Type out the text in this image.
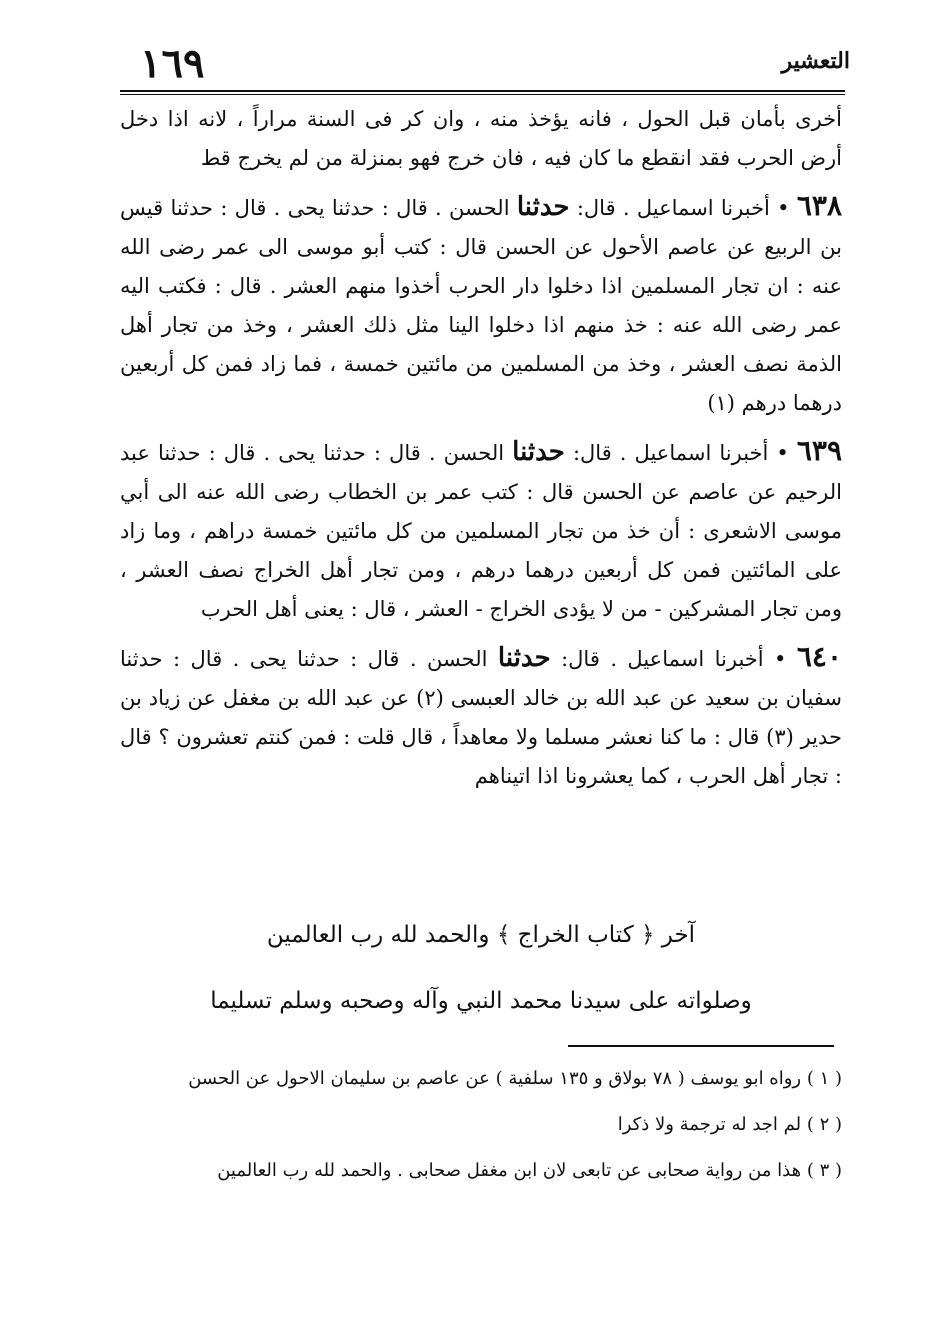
١٦٩	التعشير

أخرى بأمان قبل الحول ، فانه يؤخذ منه ، وان كر فى السنة مراراً ، لانه اذا دخل أرض الحرب فقد انقطع ما كان فيه ، فان خرج فهو بمنزلة من لم يخرج قط

٦٣٨ • أخبرنا اسماعيل . قال: حدثنا الحسن . قال : حدثنا يحى . قال : حدثنا قيس بن الربيع عن عاصم الأحول عن الحسن قال : كتب أبو موسى الى عمر رضى الله عنه : ان تجار المسلمين اذا دخلوا دار الحرب أخذوا منهم العشر . قال : فكتب اليه عمر رضى الله عنه : خذ منهم اذا دخلوا الينا مثل ذلك العشر ، وخذ من تجار أهل الذمة نصف العشر ، وخذ من المسلمين من مائتين خمسة ، فما زاد فمن كل أربعين درهما درهم (١)

٦٣٩ • أخبرنا اسماعيل . قال: حدثنا الحسن . قال : حدثنا يحى . قال : حدثنا عبد الرحيم عن عاصم عن الحسن قال : كتب عمر بن الخطاب رضى الله عنه الى أبي موسى الاشعرى : أن خذ من تجار المسلمين من كل مائتين خمسة دراهم ، وما زاد على المائتين فمن كل أربعين درهما درهم ، ومن تجار أهل الخراج نصف العشر ، ومن تجار المشركين - من لا يؤدى الخراج - العشر ، قال : يعنى أهل الحرب

٦٤٠ • أخبرنا اسماعيل . قال: حدثنا الحسن . قال : حدثنا يحى . قال : حدثنا سفيان بن سعيد عن عبد الله بن خالد العبسى (٢) عن عبد الله بن مغفل عن زياد بن حدير (٣) قال : ما كنا نعشر مسلما ولا معاهداً ، قال قلت : فمن كنتم تعشرون ؟ قال : تجار أهل الحرب ، كما يعشرونا اذا اتيناهم

آخر ﴿ كتاب الخراج ﴾ والحمد لله رب العالمين
وصلواته على سيدنا محمد النبي وآله وصحبه وسلم تسليما

( ١ ) رواه ابو يوسف ( ٧٨ بولاق و ١٣٥ سلفية ) عن عاصم بن سليمان الاحول عن الحسن

( ٢ ) لم اجد له ترجمة ولا ذكرا

( ٣ ) هذا من رواية صحابى عن تابعى لان ابن مغفل صحابى . والحمد لله رب العالمين
